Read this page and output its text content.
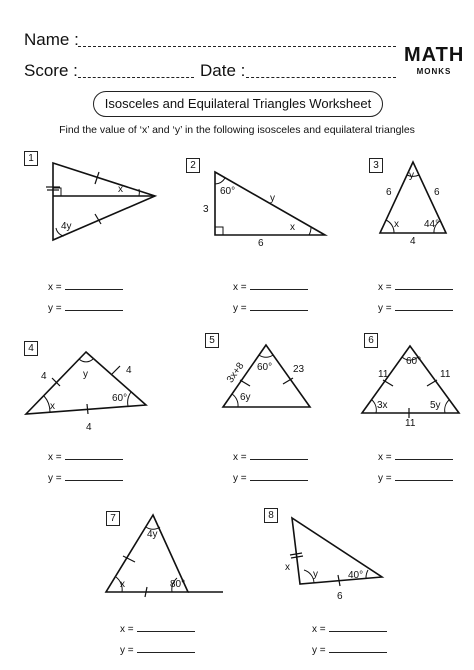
Name :
Score :	Date :
MATH
MONKS
Isosceles and Equilateral Triangles Worksheet
Find the value of ‘x’ and ‘y’ in the following isosceles and equilateral triangles
1
2	3
4
5	6
7	8
x
4y
60°
3
y
x
6
y
6	6
x	44°
4
4	y	4
x
60°
4
3x+8 60° 23
6y
11
60°
11
3x	5y
11
4y
x	80°
x
y	40°
6
x =
y =
x =
y =
x =
y =
x =
y =
x =
y =
x =
y =
x =
y =
x =
y =
